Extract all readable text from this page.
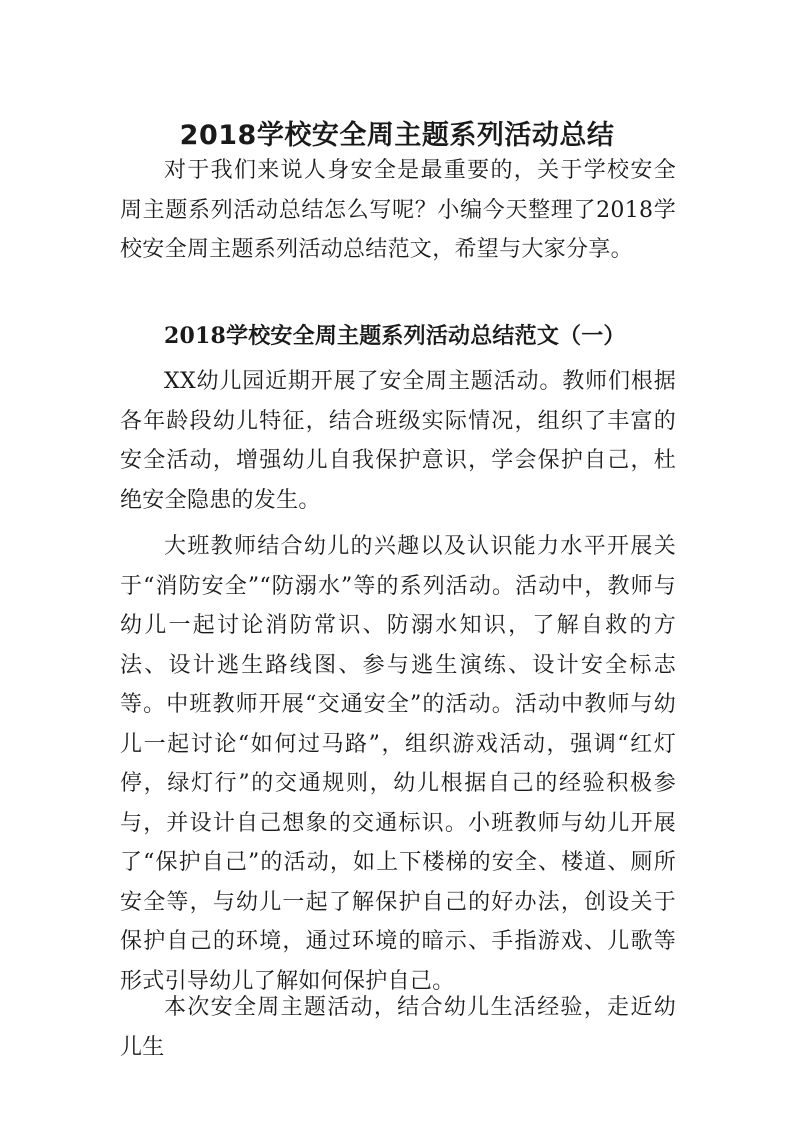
2018学校安全周主题系列活动总结

对于我们来说人身安全是最重要的，关于学校安全周主题系列活动总结怎么写呢？小编今天整理了2018学校安全周主题系列活动总结范文，希望与大家分享。

2018学校安全周主题系列活动总结范文（一）

XX幼儿园近期开展了安全周主题活动。教师们根据各年龄段幼儿特征，结合班级实际情况，组织了丰富的安全活动，增强幼儿自我保护意识，学会保护自己，杜绝安全隐患的发生。

大班教师结合幼儿的兴趣以及认识能力水平开展关于“消防安全”“防溺水”等的系列活动。活动中，教师与幼儿一起讨论消防常识、防溺水知识，了解自救的方法、设计逃生路线图、参与逃生演练、设计安全标志等。中班教师开展“交通安全”的活动。活动中教师与幼儿一起讨论“如何过马路”，组织游戏活动，强调“红灯停，绿灯行”的交通规则，幼儿根据自己的经验积极参与，并设计自己想象的交通标识。小班教师与幼儿开展了“保护自己”的活动，如上下楼梯的安全、楼道、厕所安全等，与幼儿一起了解保护自己的好办法，创设关于保护自己的环境，通过环境的暗示、手指游戏、儿歌等形式引导幼儿了解如何保护自己。

本次安全周主题活动，结合幼儿生活经验，走近幼儿生
